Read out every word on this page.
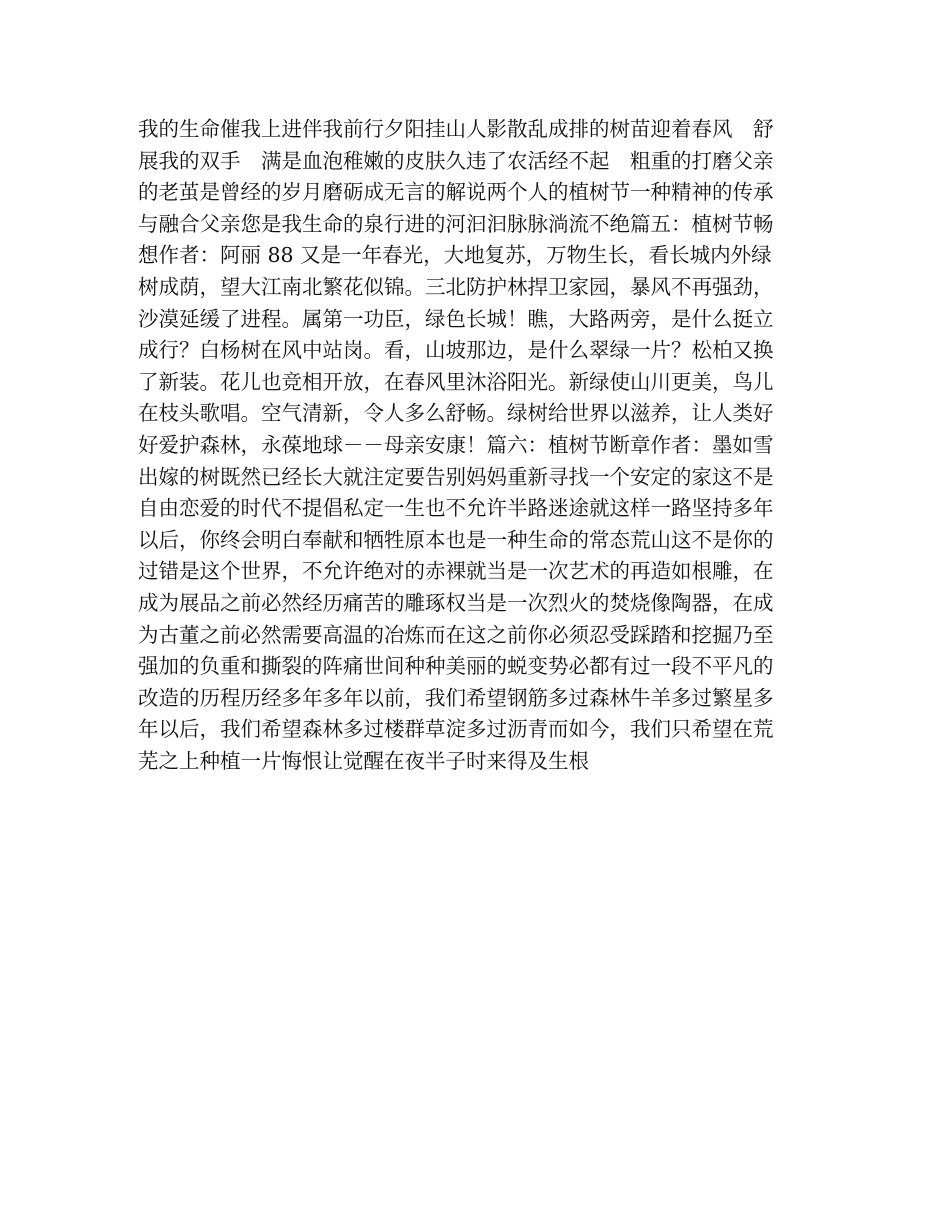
我的生命催我上进伴我前行夕阳挂山人影散乱成排的树苗迎着春风　舒
展我的双手　满是血泡稚嫩的皮肤久违了农活经不起　粗重的打磨父亲
的老茧是曾经的岁月磨砺成无言的解说两个人的植树节一种精神的传承
与融合父亲您是我生命的泉行进的河汩汩脉脉淌流不绝篇五：植树节畅
想作者：阿丽 88 又是一年春光，大地复苏，万物生长，看长城内外绿
树成荫，望大江南北繁花似锦。三北防护林捍卫家园，暴风不再强劲，
沙漠延缓了进程。属第一功臣，绿色长城！瞧，大路两旁，是什么挺立
成行？白杨树在风中站岗。看，山坡那边，是什么翠绿一片？松柏又换
了新装。花儿也竞相开放，在春风里沐浴阳光。新绿使山川更美，鸟儿
在枝头歌唱。空气清新，令人多么舒畅。绿树给世界以滋养，让人类好
好爱护森林，永葆地球－－母亲安康！篇六：植树节断章作者：墨如雪
出嫁的树既然已经长大就注定要告别妈妈重新寻找一个安定的家这不是
自由恋爱的时代不提倡私定一生也不允许半路迷途就这样一路坚持多年
以后，你终会明白奉献和牺牲原本也是一种生命的常态荒山这不是你的
过错是这个世界，不允许绝对的赤裸就当是一次艺术的再造如根雕，在
成为展品之前必然经历痛苦的雕琢权当是一次烈火的焚烧像陶器，在成
为古董之前必然需要高温的冶炼而在这之前你必须忍受踩踏和挖掘乃至
强加的负重和撕裂的阵痛世间种种美丽的蜕变势必都有过一段不平凡的
改造的历程历经多年多年以前，我们希望钢筋多过森林牛羊多过繁星多
年以后，我们希望森林多过楼群草淀多过沥青而如今，我们只希望在荒
芜之上种植一片悔恨让觉醒在夜半子时来得及生根
